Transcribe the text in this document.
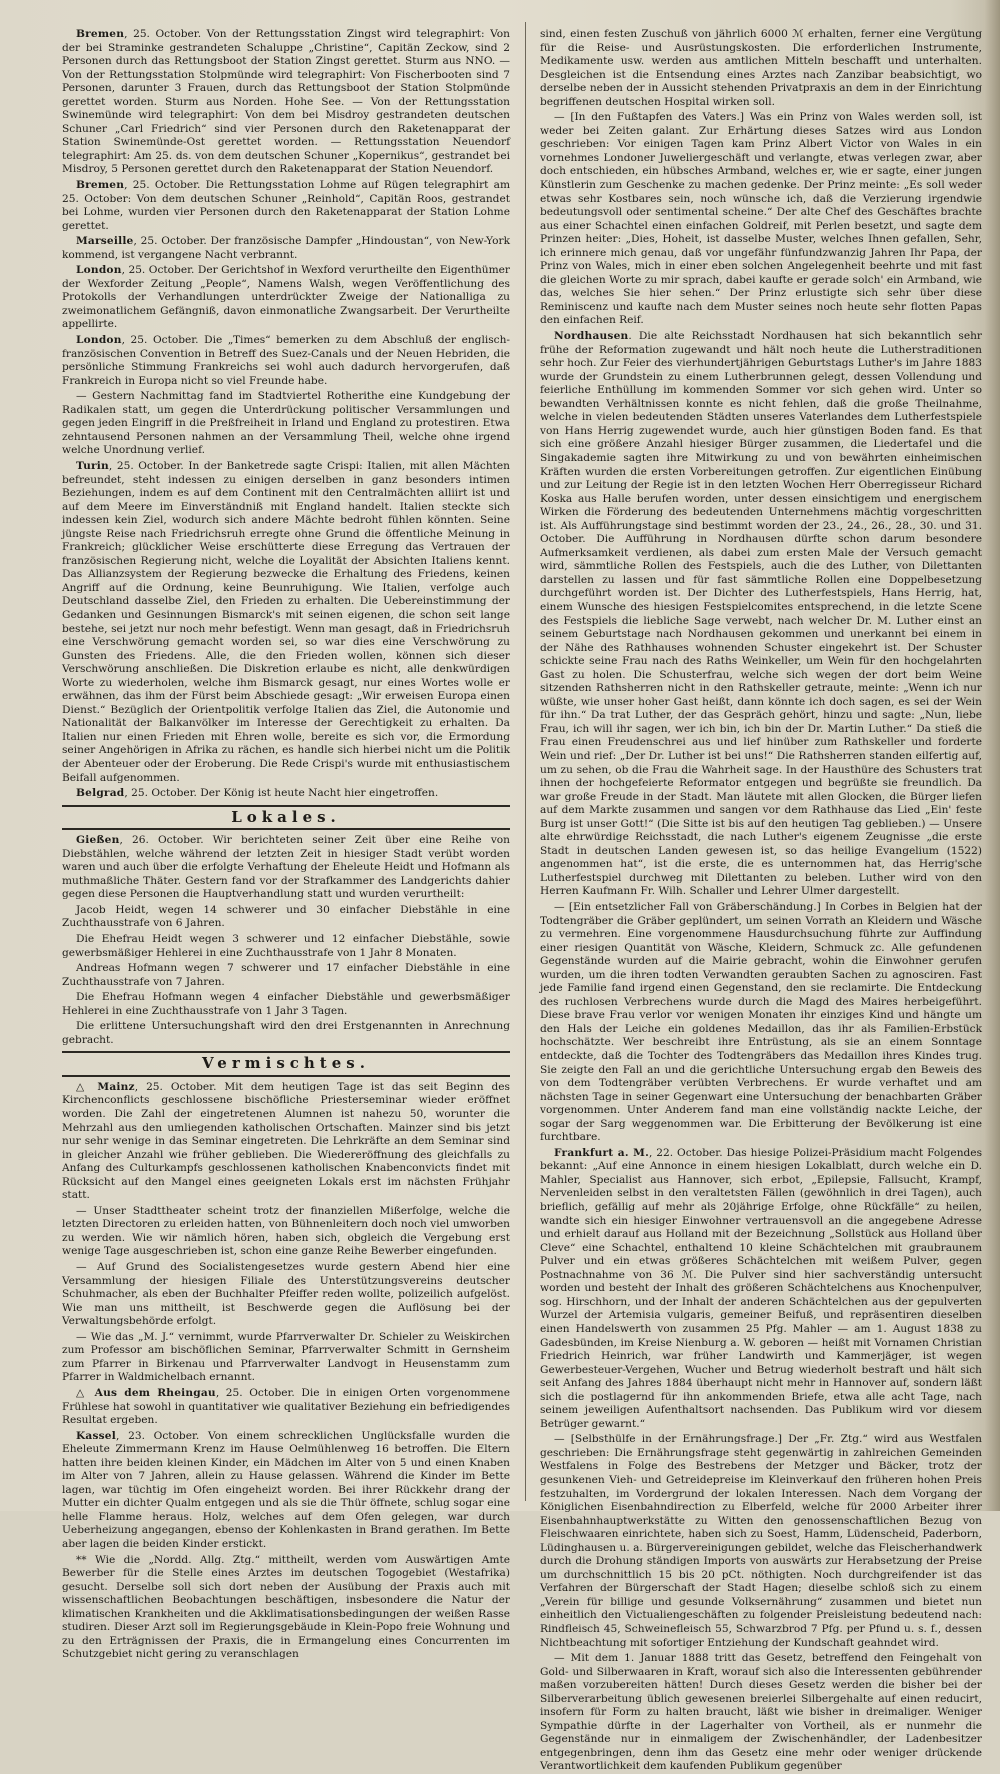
Bremen, 25. October. Von der Rettungsstation Zingst wird telegraphirt: Von der bei Straminke gestrandeten Schaluppe „Christine“, Capitän Zeckow, sind 2 Personen durch das Rettungsboot der Station Zingst gerettet. Sturm aus NNO. — Von der Rettungsstation Stolpmünde wird telegraphirt: Von Fischerbooten sind 7 Personen, darunter 3 Frauen, durch das Rettungsboot der Station Stolpmünde gerettet worden. Sturm aus Norden. Hohe See. — Von der Rettungsstation Swinemünde wird telegraphirt: Von dem bei Misdroy gestrandeten deutschen Schuner „Carl Friedrich“ sind vier Personen durch den Raketenapparat der Station Swinemünde-Ost gerettet worden. — Rettungsstation Neuendorf telegraphirt: Am 25. ds. von dem deutschen Schuner „Kopernikus“, gestrandet bei Misdroy, 5 Personen gerettet durch den Raketenapparat der Station Neuendorf.

Bremen, 25. October. Die Rettungsstation Lohme auf Rügen telegraphirt am 25. October: Von dem deutschen Schuner „Reinhold“, Capitän Roos, gestrandet bei Lohme, wurden vier Personen durch den Raketenapparat der Station Lohme gerettet.

Marseille, 25. October. Der französische Dampfer „Hindoustan“, von New-York kommend, ist vergangene Nacht verbrannt.

London, 25. October. Der Gerichtshof in Wexford verurtheilte den Eigenthümer der Wexforder Zeitung „People“, Namens Walsh, wegen Veröffentlichung des Protokolls der Verhandlungen unterdrückter Zweige der Nationalliga zu zweimonatlichem Gefängniß, davon einmonatliche Zwangsarbeit. Der Verurtheilte appellirte.

London, 25. October. Die „Times“ bemerken zu dem Abschluß der englisch-französischen Convention in Betreff des Suez-Canals und der Neuen Hebriden, die persönliche Stimmung Frankreichs sei wohl auch dadurch hervorgerufen, daß Frankreich in Europa nicht so viel Freunde habe.

— Gestern Nachmittag fand im Stadtviertel Rotherithe eine Kundgebung der Radikalen statt, um gegen die Unterdrückung politischer Versammlungen und gegen jeden Eingriff in die Preßfreiheit in Irland und England zu protestiren. Etwa zehntausend Personen nahmen an der Versammlung Theil, welche ohne irgend welche Unordnung verlief.

Turin, 25. October. In der Banketrede sagte Crispi: Italien, mit allen Mächten befreundet, steht indessen zu einigen derselben in ganz besonders intimen Beziehungen, indem es auf dem Continent mit den Centralmächten alliirt ist und auf dem Meere im Einverständniß mit England handelt. Italien steckte sich indessen kein Ziel, wodurch sich andere Mächte bedroht fühlen könnten. Seine jüngste Reise nach Friedrichsruh erregte ohne Grund die öffentliche Meinung in Frankreich; glücklicher Weise erschütterte diese Erregung das Vertrauen der französischen Regierung nicht, welche die Loyalität der Absichten Italiens kennt. Das Allianzsystem der Regierung bezwecke die Erhaltung des Friedens, keinen Angriff auf die Ordnung, keine Beunruhigung. Wie Italien, verfolge auch Deutschland dasselbe Ziel, den Frieden zu erhalten. Die Uebereinstimmung der Gedanken und Gesinnungen Bismarck's mit seinen eigenen, die schon seit lange bestehe, sei jetzt nur noch mehr befestigt. Wenn man gesagt, daß in Friedrichsruh eine Verschwörung gemacht worden sei, so war dies eine Verschwörung zu Gunsten des Friedens. Alle, die den Frieden wollen, können sich dieser Verschwörung anschließen. Die Diskretion erlaube es nicht, alle denkwürdigen Worte zu wiederholen, welche ihm Bismarck gesagt, nur eines Wortes wolle er erwähnen, das ihm der Fürst beim Abschiede gesagt: „Wir erweisen Europa einen Dienst.“ Bezüglich der Orientpolitik verfolge Italien das Ziel, die Autonomie und Nationalität der Balkanvölker im Interesse der Gerechtigkeit zu erhalten. Da Italien nur einen Frieden mit Ehren wolle, bereite es sich vor, die Ermordung seiner Angehörigen in Afrika zu rächen, es handle sich hierbei nicht um die Politik der Abenteuer oder der Eroberung. Die Rede Crispi's wurde mit enthusiastischem Beifall aufgenommen.

Belgrad, 25. October. Der König ist heute Nacht hier eingetroffen.

Lokales.

Gießen, 26. October. Wir berichteten seiner Zeit über eine Reihe von Diebstählen, welche während der letzten Zeit in hiesiger Stadt verübt worden waren und auch über die erfolgte Verhaftung der Eheleute Heidt und Hofmann als muthmaßliche Thäter. Gestern fand vor der Strafkammer des Landgerichts dahier gegen diese Personen die Hauptverhandlung statt und wurden verurtheilt:

Jacob Heidt, wegen 14 schwerer und 30 einfacher Diebstähle in eine Zuchthausstrafe von 6 Jahren.

Die Ehefrau Heidt wegen 3 schwerer und 12 einfacher Diebstähle, sowie gewerbsmäßiger Hehlerei in eine Zuchthausstrafe von 1 Jahr 8 Monaten.

Andreas Hofmann wegen 7 schwerer und 17 einfacher Diebstähle in eine Zuchthausstrafe von 7 Jahren.

Die Ehefrau Hofmann wegen 4 einfacher Diebstähle und gewerbsmäßiger Hehlerei in eine Zuchthausstrafe von 1 Jahr 3 Tagen.

Die erlittene Untersuchungshaft wird den drei Erstgenannten in Anrechnung gebracht.

Vermischtes.

△ Mainz, 25. October. Mit dem heutigen Tage ist das seit Beginn des Kirchenconflicts geschlossene bischöfliche Priesterseminar wieder eröffnet worden. Die Zahl der eingetretenen Alumnen ist nahezu 50, worunter die Mehrzahl aus den umliegenden katholischen Ortschaften. Mainzer sind bis jetzt nur sehr wenige in das Seminar eingetreten. Die Lehrkräfte an dem Seminar sind in gleicher Anzahl wie früher geblieben. Die Wiedereröffnung des gleichfalls zu Anfang des Culturkampfs geschlossenen katholischen Knabenconvicts findet mit Rücksicht auf den Mangel eines geeigneten Lokals erst im nächsten Frühjahr statt.

— Unser Stadttheater scheint trotz der finanziellen Mißerfolge, welche die letzten Directoren zu erleiden hatten, von Bühnenleitern doch noch viel umworben zu werden. Wie wir nämlich hören, haben sich, obgleich die Vergebung erst wenige Tage ausgeschrieben ist, schon eine ganze Reihe Bewerber eingefunden.

— Auf Grund des Socialistengesetzes wurde gestern Abend hier eine Versammlung der hiesigen Filiale des Unterstützungsvereins deutscher Schuhmacher, als eben der Buchhalter Pfeiffer reden wollte, polizeilich aufgelöst. Wie man uns mittheilt, ist Beschwerde gegen die Auflösung bei der Verwaltungsbehörde erfolgt.

— Wie das „M. J.“ vernimmt, wurde Pfarrverwalter Dr. Schieler zu Weiskirchen zum Professor am bischöflichen Seminar, Pfarrverwalter Schmitt in Gernsheim zum Pfarrer in Birkenau und Pfarrverwalter Landvogt in Heusenstamm zum Pfarrer in Waldmichelbach ernannt.

△ Aus dem Rheingau, 25. October. Die in einigen Orten vorgenommene Frühlese hat sowohl in quantitativer wie qualitativer Beziehung ein befriedigendes Resultat ergeben.

Kassel, 23. October. Von einem schrecklichen Unglücksfalle wurden die Eheleute Zimmermann Krenz im Hause Oelmühlenweg 16 betroffen. Die Eltern hatten ihre beiden kleinen Kinder, ein Mädchen im Alter von 5 und einen Knaben im Alter von 7 Jahren, allein zu Hause gelassen. Während die Kinder im Bette lagen, war tüchtig im Ofen eingeheizt worden. Bei ihrer Rückkehr drang der Mutter ein dichter Qualm entgegen und als sie die Thür öffnete, schlug sogar eine helle Flamme heraus. Holz, welches auf dem Ofen gelegen, war durch Ueberheizung angegangen, ebenso der Kohlenkasten in Brand gerathen. Im Bette aber lagen die beiden Kinder erstickt.

** Wie die „Nordd. Allg. Ztg.“ mittheilt, werden vom Auswärtigen Amte Bewerber für die Stelle eines Arztes im deutschen Togogebiet (Westafrika) gesucht. Derselbe soll sich dort neben der Ausübung der Praxis auch mit wissenschaftlichen Beobachtungen beschäftigen, insbesondere die Natur der klimatischen Krankheiten und die Akklimatisationsbedingungen der weißen Rasse studiren. Dieser Arzt soll im Regierungsgebäude in Klein-Popo freie Wohnung und zu den Erträgnissen der Praxis, die in Ermangelung eines Concurrenten im Schutzgebiet nicht gering zu veranschlagen

sind, einen festen Zuschuß von jährlich 6000 ℳ erhalten, ferner eine Vergütung für die Reise- und Ausrüstungskosten. Die erforderlichen Instrumente, Medikamente usw. werden aus amtlichen Mitteln beschafft und unterhalten. Desgleichen ist die Entsendung eines Arztes nach Zanzibar beabsichtigt, wo derselbe neben der in Aussicht stehenden Privatpraxis an dem in der Einrichtung begriffenen deutschen Hospital wirken soll.

— [In den Fußtapfen des Vaters.] Was ein Prinz von Wales werden soll, ist weder bei Zeiten galant. Zur Erhärtung dieses Satzes wird aus London geschrieben: Vor einigen Tagen kam Prinz Albert Victor von Wales in ein vornehmes Londoner Juweliergeschäft und verlangte, etwas verlegen zwar, aber doch entschieden, ein hübsches Armband, welches er, wie er sagte, einer jungen Künstlerin zum Geschenke zu machen gedenke. Der Prinz meinte: „Es soll weder etwas sehr Kostbares sein, noch wünsche ich, daß die Verzierung irgendwie bedeutungsvoll oder sentimental scheine.“ Der alte Chef des Geschäftes brachte aus einer Schachtel einen einfachen Goldreif, mit Perlen besetzt, und sagte dem Prinzen heiter: „Dies, Hoheit, ist dasselbe Muster, welches Ihnen gefallen, Sehr, ich erinnere mich genau, daß vor ungefähr fünfundzwanzig Jahren Ihr Papa, der Prinz von Wales, mich in einer eben solchen Angelegenheit beehrte und mit fast die gleichen Worte zu mir sprach, dabei kaufte er gerade solch' ein Armband, wie das, welches Sie hier sehen.“ Der Prinz erlustigte sich sehr über diese Reminiscenz und kaufte nach dem Muster seines noch heute sehr flotten Papas den einfachen Reif.

Nordhausen. Die alte Reichsstadt Nordhausen hat sich bekanntlich sehr frühe der Reformation zugewandt und hält noch heute die Lutherstraditionen sehr hoch. Zur Feier des vierhundertjährigen Geburtstags Luther's im Jahre 1883 wurde der Grundstein zu einem Lutherbrunnen gelegt, dessen Vollendung und feierliche Enthüllung im kommenden Sommer vor sich gehen wird. Unter so bewandten Verhältnissen konnte es nicht fehlen, daß die große Theilnahme, welche in vielen bedeutenden Städten unseres Vaterlandes dem Lutherfestspiele von Hans Herrig zugewendet wurde, auch hier günstigen Boden fand. Es that sich eine größere Anzahl hiesiger Bürger zusammen, die Liedertafel und die Singakademie sagten ihre Mitwirkung zu und von bewährten einheimischen Kräften wurden die ersten Vorbereitungen getroffen. Zur eigentlichen Einübung und zur Leitung der Regie ist in den letzten Wochen Herr Oberregisseur Richard Koska aus Halle berufen worden, unter dessen einsichtigem und energischem Wirken die Förderung des bedeutenden Unternehmens mächtig vorgeschritten ist. Als Aufführungstage sind bestimmt worden der 23., 24., 26., 28., 30. und 31. October. Die Aufführung in Nordhausen dürfte schon darum besondere Aufmerksamkeit verdienen, als dabei zum ersten Male der Versuch gemacht wird, sämmtliche Rollen des Festspiels, auch die des Luther, von Dilettanten darstellen zu lassen und für fast sämmtliche Rollen eine Doppelbesetzung durchgeführt worden ist. Der Dichter des Lutherfestspiels, Hans Herrig, hat, einem Wunsche des hiesigen Festspielcomites entsprechend, in die letzte Scene des Festspiels die liebliche Sage verwebt, nach welcher Dr. M. Luther einst an seinem Geburtstage nach Nordhausen gekommen und unerkannt bei einem in der Nähe des Rathhauses wohnenden Schuster eingekehrt ist. Der Schuster schickte seine Frau nach des Raths Weinkeller, um Wein für den hochgelahrten Gast zu holen. Die Schusterfrau, welche sich wegen der dort beim Weine sitzenden Rathsherren nicht in den Rathskeller getraute, meinte: „Wenn ich nur wüßte, wie unser hoher Gast heißt, dann könnte ich doch sagen, es sei der Wein für ihn.“ Da trat Luther, der das Gespräch gehört, hinzu und sagte: „Nun, liebe Frau, ich will ihr sagen, wer ich bin, ich bin der Dr. Martin Luther.“ Da stieß die Frau einen Freudenschrei aus und lief hinüber zum Rathskeller und forderte Wein und rief: „Der Dr. Luther ist bei uns!“ Die Rathsherren standen eilfertig auf, um zu sehen, ob die Frau die Wahrheit sage. In der Hausthüre des Schusters trat ihnen der hochgefeierte Reformator entgegen und begrüßte sie freundlich. Da war große Freude in der Stadt. Man läutete mit allen Glocken, die Bürger liefen auf dem Markte zusammen und sangen vor dem Rathhause das Lied „Ein' feste Burg ist unser Gott!“ (Die Sitte ist bis auf den heutigen Tag geblieben.) — Unsere alte ehrwürdige Reichsstadt, die nach Luther's eigenem Zeugnisse „die erste Stadt in deutschen Landen gewesen ist, so das heilige Evangelium (1522) angenommen hat“, ist die erste, die es unternommen hat, das Herrig'sche Lutherfestspiel durchweg mit Dilettanten zu beleben. Luther wird von den Herren Kaufmann Fr. Wilh. Schaller und Lehrer Ulmer dargestellt.

— [Ein entsetzlicher Fall von Gräberschändung.] In Corbes in Belgien hat der Todtengräber die Gräber geplündert, um seinen Vorrath an Kleidern und Wäsche zu vermehren. Eine vorgenommene Hausdurchsuchung führte zur Auffindung einer riesigen Quantität von Wäsche, Kleidern, Schmuck zc. Alle gefundenen Gegenstände wurden auf die Mairie gebracht, wohin die Einwohner gerufen wurden, um die ihren todten Verwandten geraubten Sachen zu agnosciren. Fast jede Familie fand irgend einen Gegenstand, den sie reclamirte. Die Entdeckung des ruchlosen Verbrechens wurde durch die Magd des Maires herbeigeführt. Diese brave Frau verlor vor wenigen Monaten ihr einziges Kind und hängte um den Hals der Leiche ein goldenes Medaillon, das ihr als Familien-Erbstück hochschätzte. Wer beschreibt ihre Entrüstung, als sie an einem Sonntage entdeckte, daß die Tochter des Todtengräbers das Medaillon ihres Kindes trug. Sie zeigte den Fall an und die gerichtliche Untersuchung ergab den Beweis des von dem Todtengräber verübten Verbrechens. Er wurde verhaftet und am nächsten Tage in seiner Gegenwart eine Untersuchung der benachbarten Gräber vorgenommen. Unter Anderem fand man eine vollständig nackte Leiche, der sogar der Sarg weggenommen war. Die Erbitterung der Bevölkerung ist eine furchtbare.

Frankfurt a. M., 22. October. Das hiesige Polizei-Präsidium macht Folgendes bekannt: „Auf eine Annonce in einem hiesigen Lokalblatt, durch welche ein D. Mahler, Specialist aus Hannover, sich erbot, „Epilepsie, Fallsucht, Krampf, Nervenleiden selbst in den veraltetsten Fällen (gewöhnlich in drei Tagen), auch brieflich, gefällig auf mehr als 20jährige Erfolge, ohne Rückfälle“ zu heilen, wandte sich ein hiesiger Einwohner vertrauensvoll an die angegebene Adresse und erhielt darauf aus Holland mit der Bezeichnung „Sollstück aus Holland über Cleve“ eine Schachtel, enthaltend 10 kleine Schächtelchen mit graubraunem Pulver und ein etwas größeres Schächtelchen mit weißem Pulver, gegen Postnachnahme von 36 ℳ. Die Pulver sind hier sachverständig untersucht worden und besteht der Inhalt des größeren Schächtelchens aus Knochenpulver, sog. Hirschhorn, und der Inhalt der anderen Schächtelchen aus der gepulverten Wurzel der Artemisia vulgaris, gemeiner Beifuß, und repräsentiren dieselben einen Handelswerth von zusammen 25 Pfg. Mahler — am 1. August 1838 zu Gadesbünden, im Kreise Nienburg a. W. geboren — heißt mit Vornamen Christian Friedrich Heinrich, war früher Landwirth und Kammerjäger, ist wegen Gewerbesteuer-Vergehen, Wucher und Betrug wiederholt bestraft und hält sich seit Anfang des Jahres 1884 überhaupt nicht mehr in Hannover auf, sondern läßt sich die postlagernd für ihn ankommenden Briefe, etwa alle acht Tage, nach seinem jeweiligen Aufenthaltsort nachsenden. Das Publikum wird vor diesem Betrüger gewarnt.“

— [Selbsthülfe in der Ernährungsfrage.] Der „Fr. Ztg.“ wird aus Westfalen geschrieben: Die Ernährungsfrage steht gegenwärtig in zahlreichen Gemeinden Westfalens in Folge des Bestrebens der Metzger und Bäcker, trotz der gesunkenen Vieh- und Getreidepreise im Kleinverkauf den früheren hohen Preis festzuhalten, im Vordergrund der lokalen Interessen. Nach dem Vorgang der Königlichen Eisenbahndirection zu Elberfeld, welche für 2000 Arbeiter ihrer Eisenbahnhauptwerkstätte zu Witten den genossenschaftlichen Bezug von Fleischwaaren einrichtete, haben sich zu Soest, Hamm, Lüdenscheid, Paderborn, Lüdinghausen u. a. Bürgervereinigungen gebildet, welche das Fleischerhandwerk durch die Drohung ständigen Imports von auswärts zur Herabsetzung der Preise um durchschnittlich 15 bis 20 pCt. nöthigten. Noch durchgreifender ist das Verfahren der Bürgerschaft der Stadt Hagen; dieselbe schloß sich zu einem „Verein für billige und gesunde Volksernährung“ zusammen und bietet nun einheitlich den Victualiengeschäften zu folgender Preisleistung bedeutend nach: Rindfleisch 45, Schweinefleisch 55, Schwarzbrod 7 Pfg. per Pfund u. s. f., dessen Nichtbeachtung mit sofortiger Entziehung der Kundschaft geahndet wird.

— Mit dem 1. Januar 1888 tritt das Gesetz, betreffend den Feingehalt von Gold- und Silberwaaren in Kraft, worauf sich also die Interessenten gebührender maßen vorzubereiten hätten! Durch dieses Gesetz werden die bisher bei der Silberverarbeitung üblich gewesenen breierlei Silbergehalte auf einen reducirt, insofern für Form zu halten braucht, läßt wie bisher in dreimaliger. Weniger Sympathie dürfte in der Lagerhalter von Vortheil, als er nunmehr die Gegenstände nur in einmaligem der Zwischenhändler, der Ladenbesitzer entgegenbringen, denn ihm das Gesetz eine mehr oder weniger drückende Verantwortlichkeit dem kaufenden Publikum gegenüber
